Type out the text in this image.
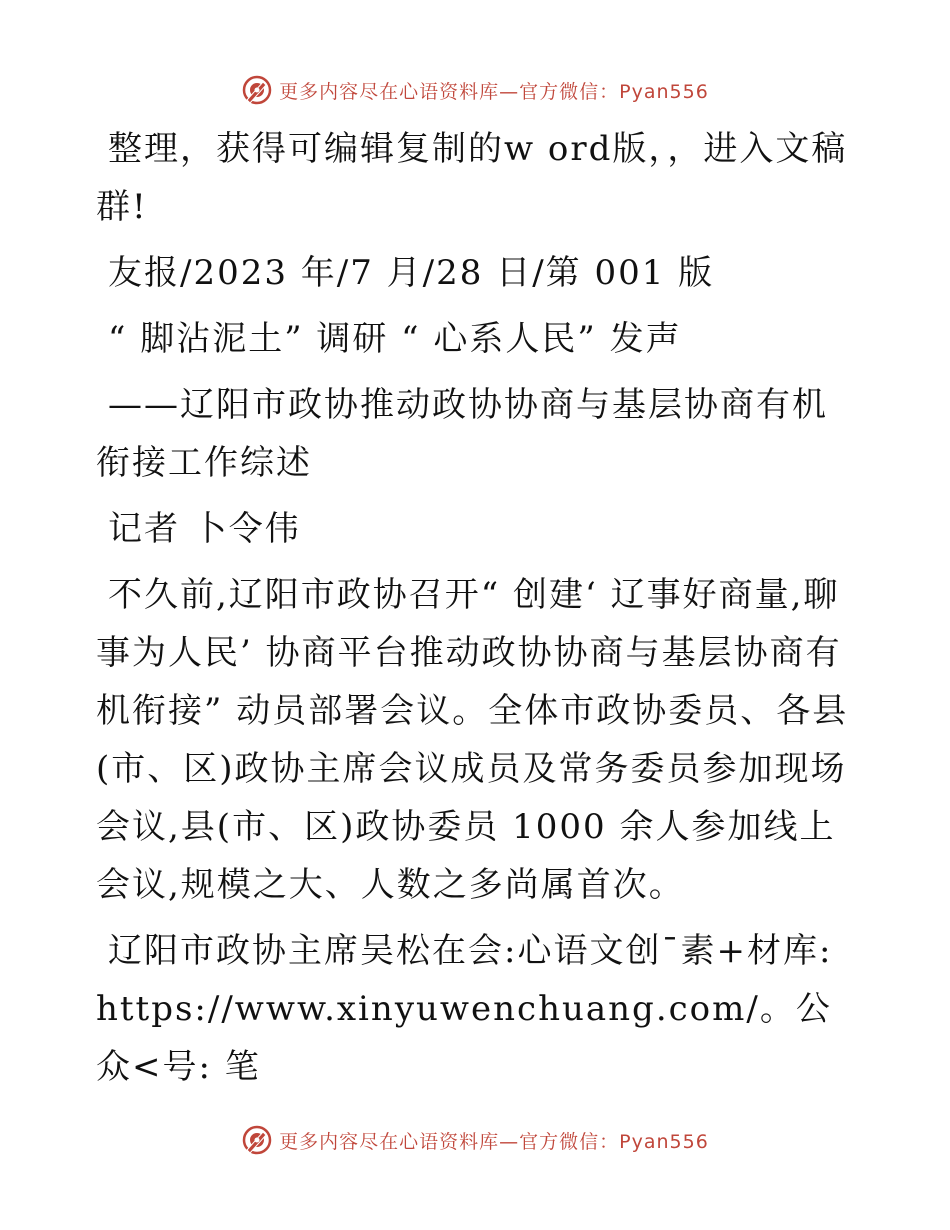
更多内容尽在心语资料库—官方微信：Pyan556

整理，获得可编辑复制的w ord版，，进入文稿群!

友报/2023 年/7 月/28 日/第 001 版

“ 脚沾泥土” 调研 “ 心系人民” 发声

——辽阳市政协推动政协协商与基层协商有机衔接工作综述

记者 卜令伟

不久前,辽阳市政协召开“ 创建‘ 辽事好商量,聊事为人民’ 协商平台推动政协协商与基层协商有机衔接” 动员部署会议。全体市政协委员、各县(市、区)政协主席会议成员及常务委员参加现场会议,县(市、区)政协委员 1000 余人参加线上会议,规模之大、人数之多尚属首次。

辽阳市政协主席吴松在会:心语文创¯素+材库: https://www.xinyuwenchuang.com/。公众<号: 笔

更多内容尽在心语资料库—官方微信：Pyan556
